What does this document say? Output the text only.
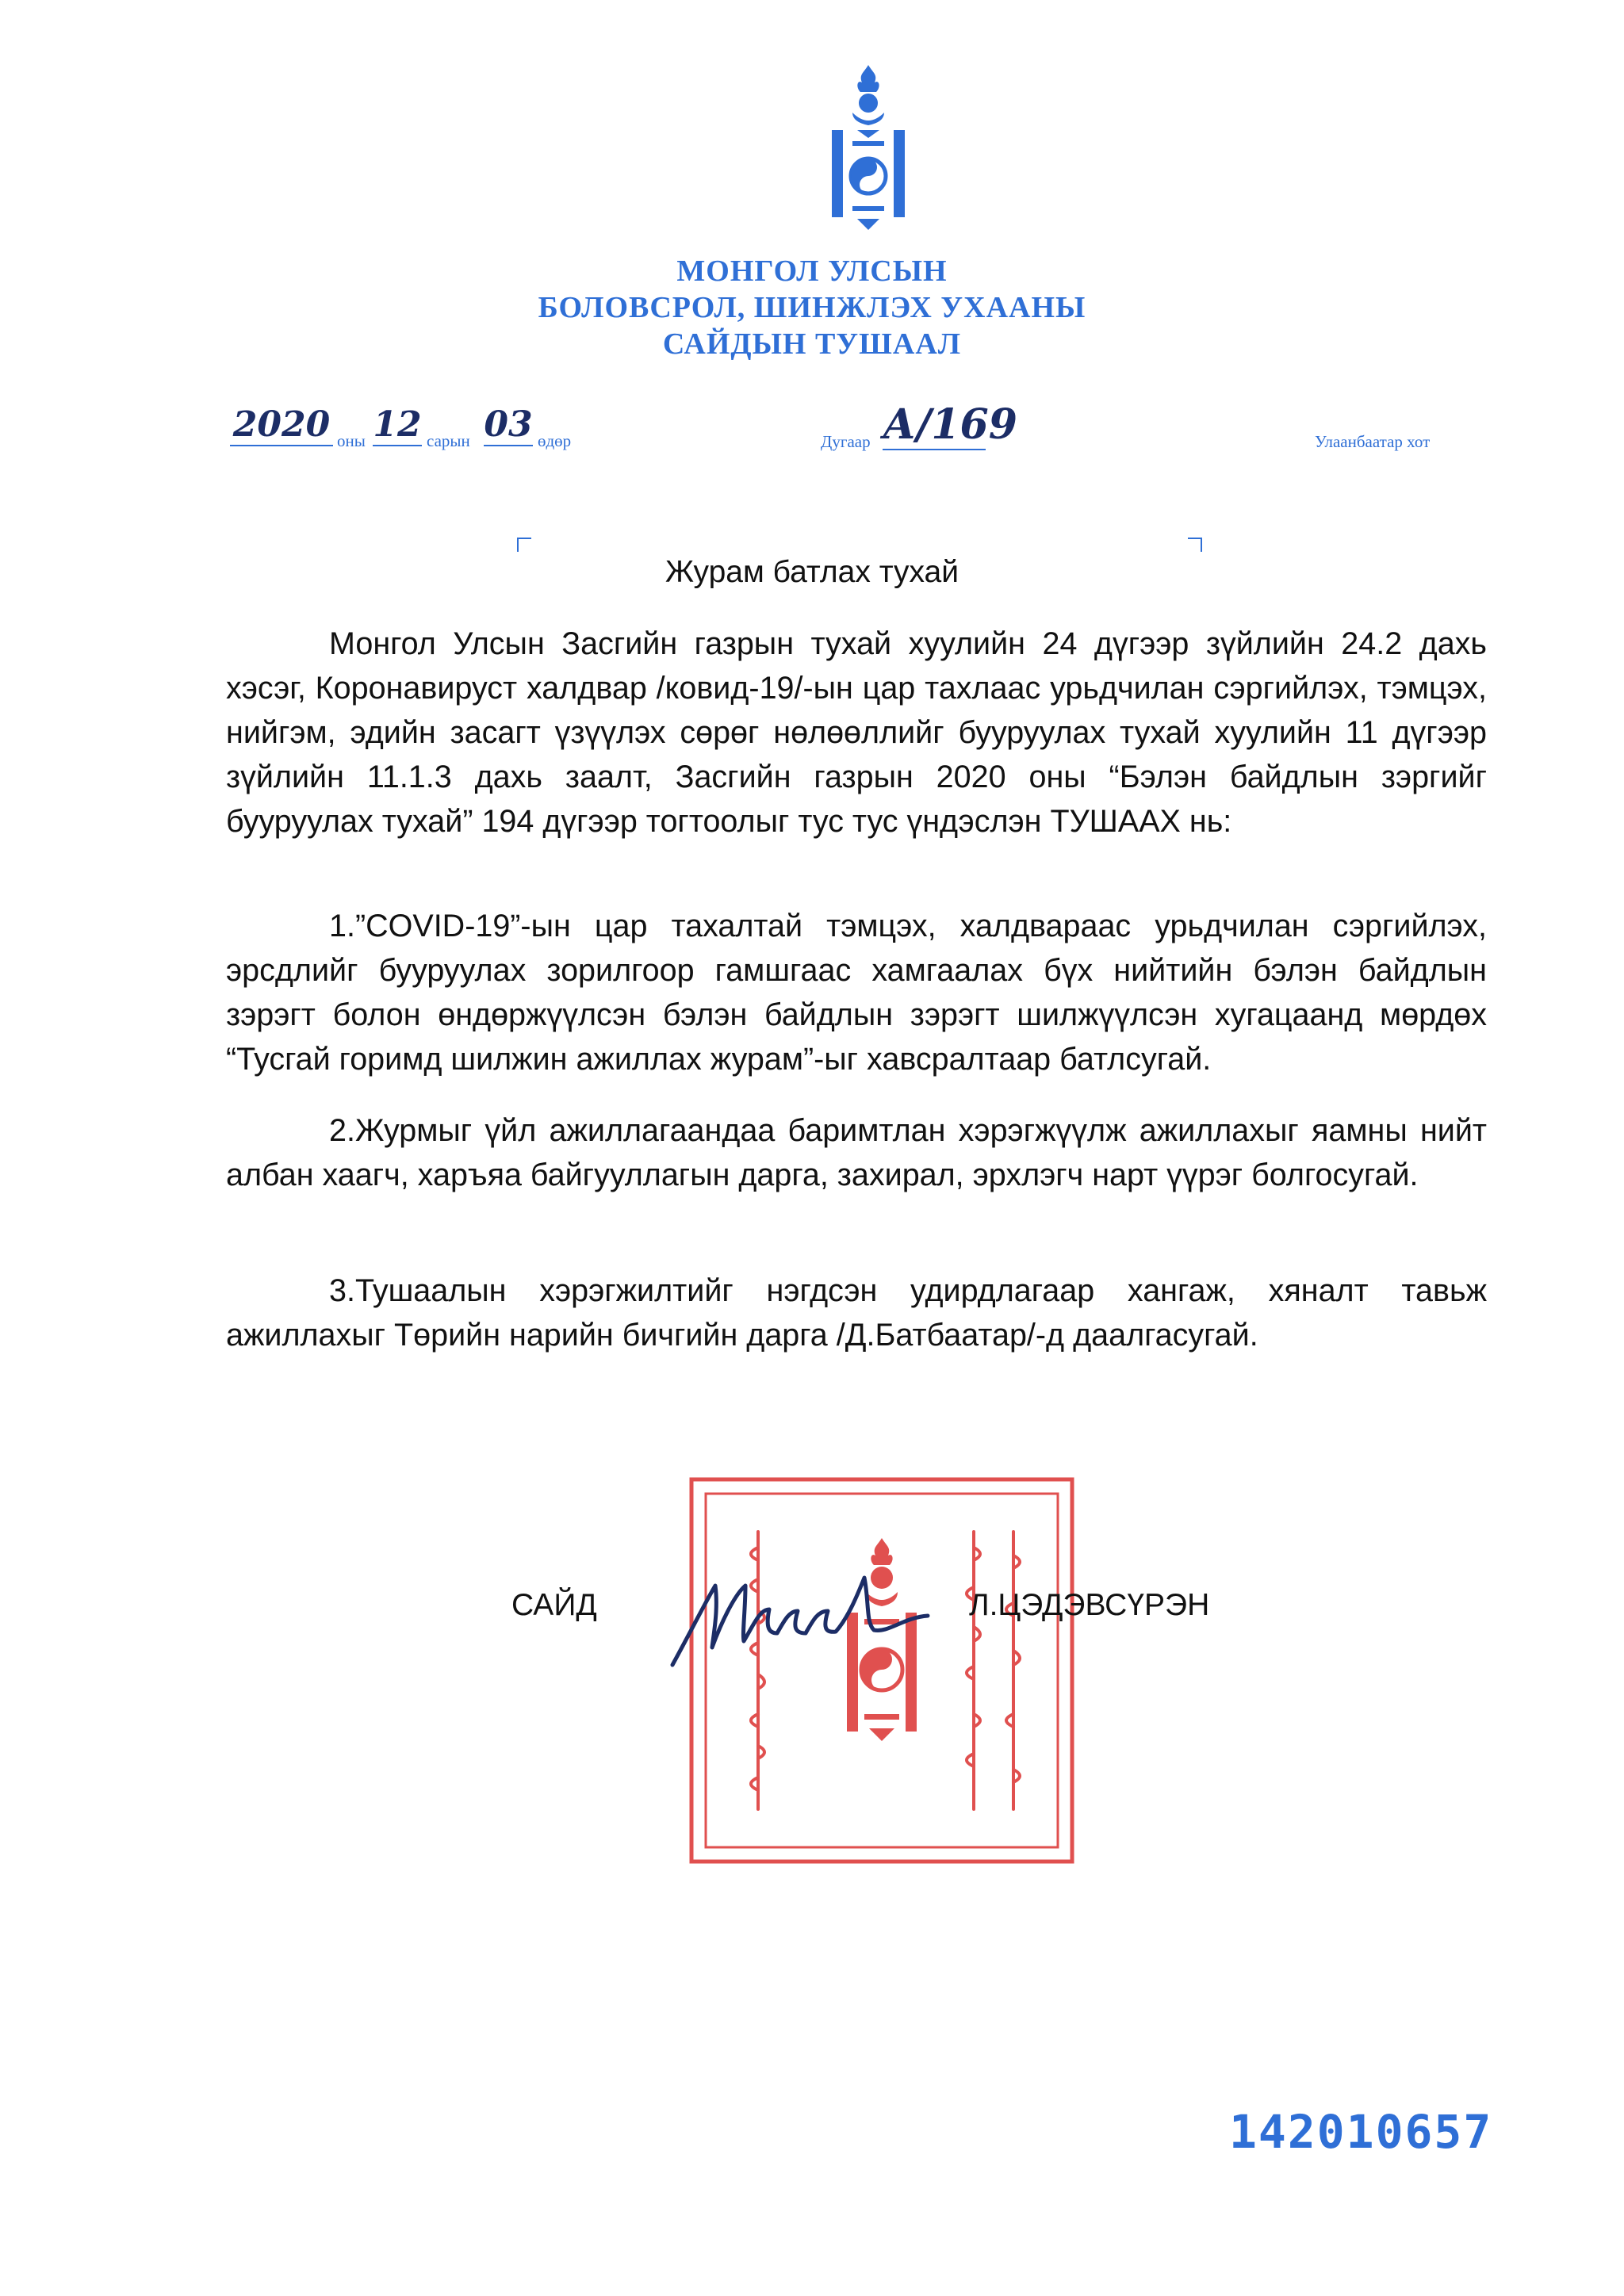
МОНГОЛ УЛСЫН
БОЛОВСРОЛ, ШИНЖЛЭХ УХААНЫ
САЙДЫН ТУШААЛ
2020 оны 12 сарын 03 өдөр	Дугаар А/169	Улаанбаатар хот
Журам батлах тухай

Монгол Улсын Засгийн газрын тухай хуулийн 24 дүгээр зүйлийн 24.2 дахь хэсэг, Коронавируст халдвар /ковид-19/-ын цар тахлаас урьдчилан сэргийлэх, тэмцэх, нийгэм, эдийн засагт үзүүлэх сөрөг нөлөөллийг бууруулах тухай хуулийн 11 дүгээр зүйлийн 11.1.3 дахь заалт, Засгийн газрын 2020 оны “Бэлэн байдлын зэргийг бууруулах тухай” 194 дүгээр тогтоолыг тус тус үндэслэн ТУШААХ нь:

1.”COVID-19”-ын цар тахалтай тэмцэх, халдвараас урьдчилан сэргийлэх, эрсдлийг бууруулах зорилгоор гамшгаас хамгаалах бүх нийтийн бэлэн байдлын зэрэгт болон өндөржүүлсэн бэлэн байдлын зэрэгт шилжүүлсэн хугацаанд мөрдөх “Тусгай горимд шилжин ажиллах журам”-ыг хавсралтаар батлсугай.

2.Журмыг үйл ажиллагаандаа баримтлан хэрэгжүүлж ажиллахыг яамны нийт албан хаагч, харъяа байгууллагын дарга, захирал, эрхлэгч нарт үүрэг болгосугай.

3.Тушаалын хэрэгжилтийг нэгдсэн удирдлагаар хангаж, хяналт тавьж ажиллахыг Төрийн нарийн бичгийн дарга /Д.Батбаатар/-д даалгасугай.

САЙД	Л.ЦЭДЭВСҮРЭН
142010657
